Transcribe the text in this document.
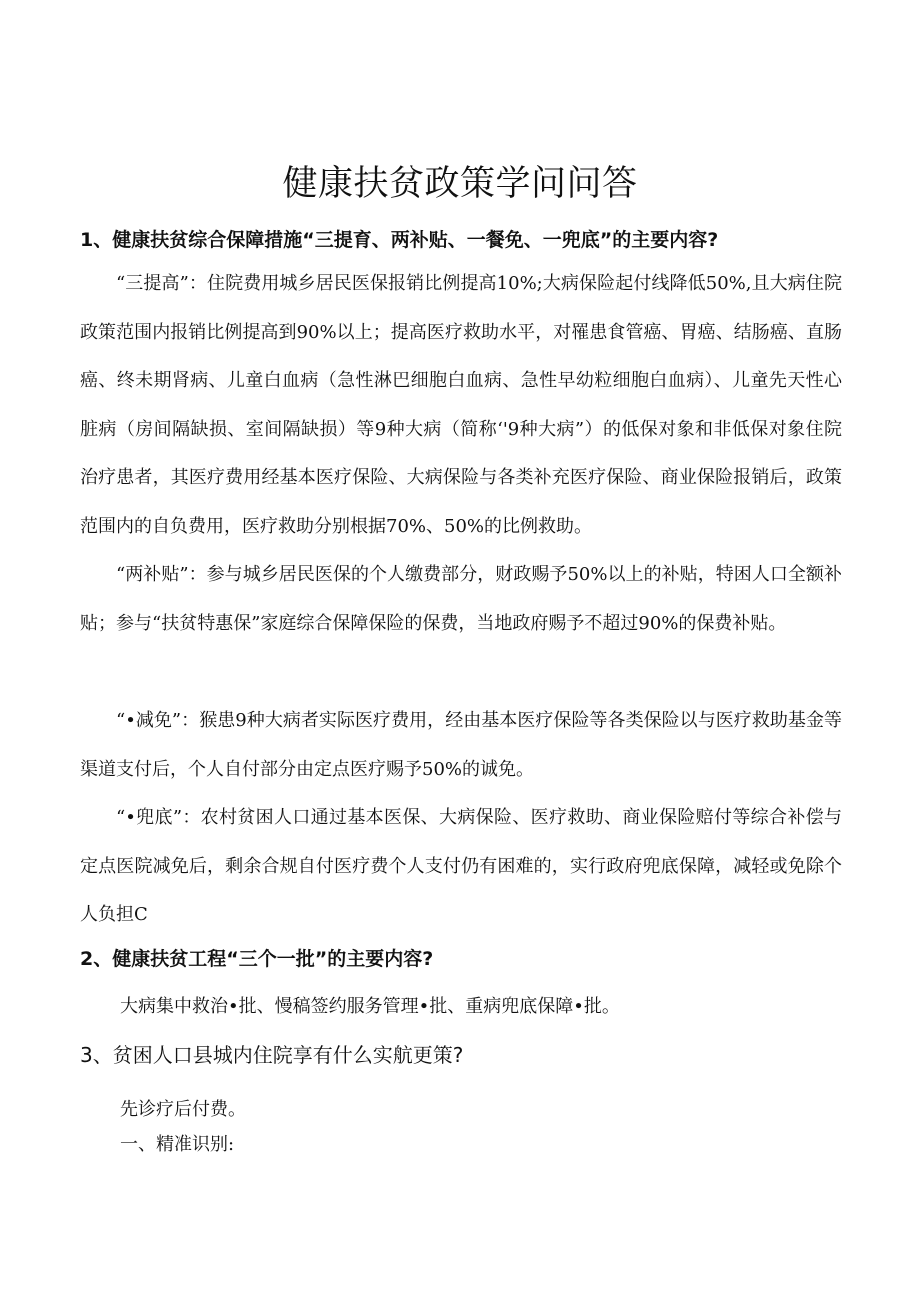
健康扶贫政策学问问答
1、健康扶贫综合保障措施“三提育、两补贴、一餐免、一兜底”的主要内容?
“三提高”：住院费用城乡居民医保报销比例提高10%;大病保险起付线降低50%,且大病住院政策范围内报销比例提高到90%以上；提高医疗救助水平，对罹患食管癌、胃癌、结肠癌、直肠癌、终未期肾病、儿童白血病（急性淋巴细胞白血病、急性早幼粒细胞白血病）、儿童先天性心脏病（房间隔缺损、室间隔缺损）等9种大病（简称‘'9种大病”）的低保对象和非低保对象住院治疗患者，其医疗费用经基本医疗保险、大病保险与各类补充医疗保险、商业保险报销后，政策范围内的自负费用，医疗救助分别根据70%、50%的比例救助。
“两补贴”：参与城乡居民医保的个人缴费部分，财政赐予50%以上的补贴，特困人口全额补贴；参与“扶贫特惠保”家庭综合保障保险的保费，当地政府赐予不超过90%的保费补贴。
“•减免”：猴患9种大病者实际医疗费用，经由基本医疗保险等各类保险以与医疗救助基金等渠道支付后，个人自付部分由定点医疗赐予50%的诚免。
“•兜底”：农村贫困人口通过基本医保、大病保险、医疗救助、商业保险赔付等综合补偿与定点医院减免后，剩余合规自付医疗费个人支付仍有困难的，实行政府兜底保障，减轻或免除个人负担C
2、健康扶贫工程“三个一批”的主要内容?
大病集中救治•批、慢稿签约服务管理•批、重病兜底保障•批。
3、贫困人口县城内住院享有什么实航更策?
先诊疗后付费。
一、精准识别:
